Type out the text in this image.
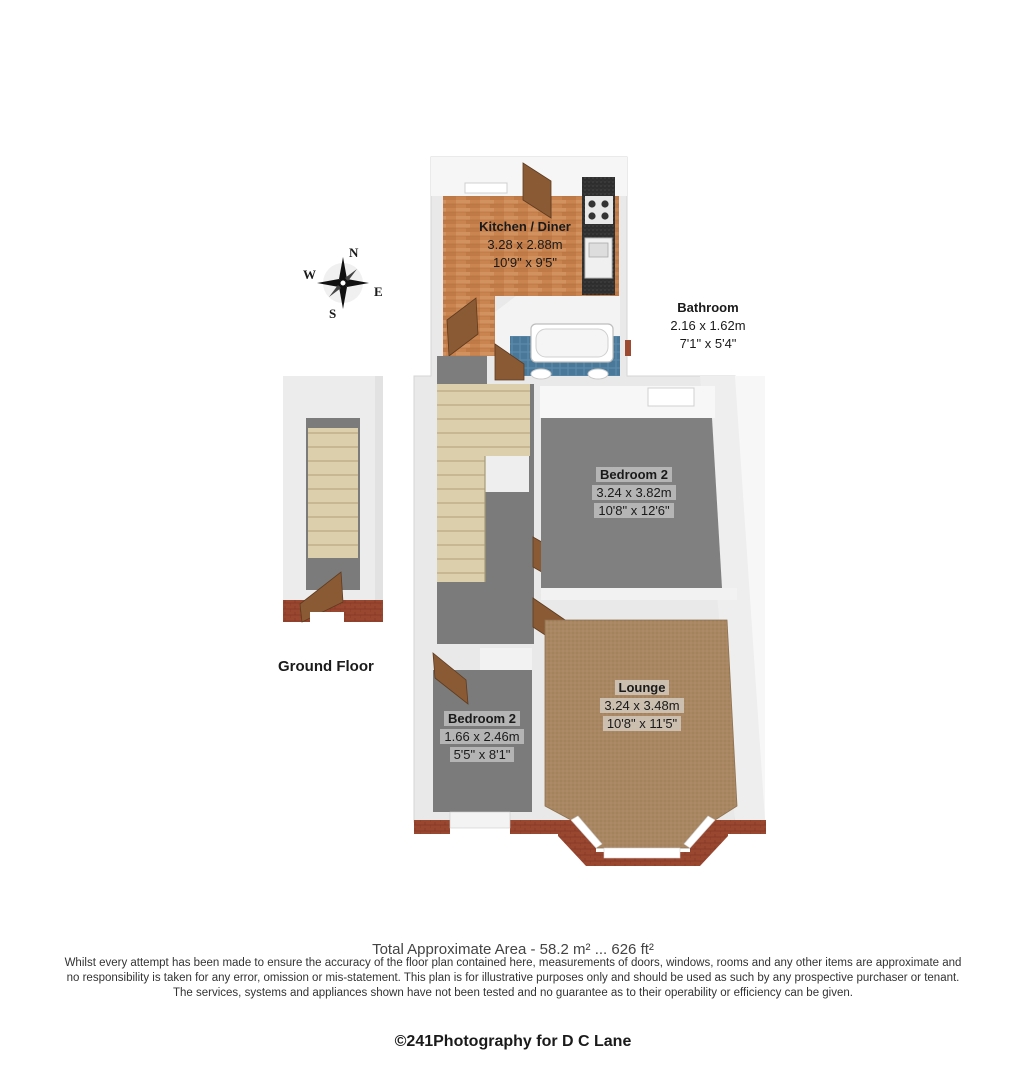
N
S
E
W
Kitchen / Diner
3.28 x 2.88m
10'9" x 9'5"
Bathroom
2.16 x 1.62m
7'1" x 5'4"
Bedroom 2
3.24 x 3.82m
10'8" x 12'6"
Lounge
3.24 x 3.48m
10'8" x 11'5"
Bedroom 2
1.66 x 2.46m
5'5" x 8'1"
Ground Floor
Total Approximate Area - 58.2 m² ... 626 ft²
Whilst every attempt has been made to ensure the accuracy of the floor plan contained here, measurements of doors, windows, rooms and any other items are approximate and
no responsibility is taken for any error, omission or mis-statement. This plan is for illustrative purposes only and should be used as such by any prospective purchaser or tenant.
The services, systems and appliances shown have not been tested and no guarantee as to their operability or efficiency can be given.
©241Photography for D C Lane
